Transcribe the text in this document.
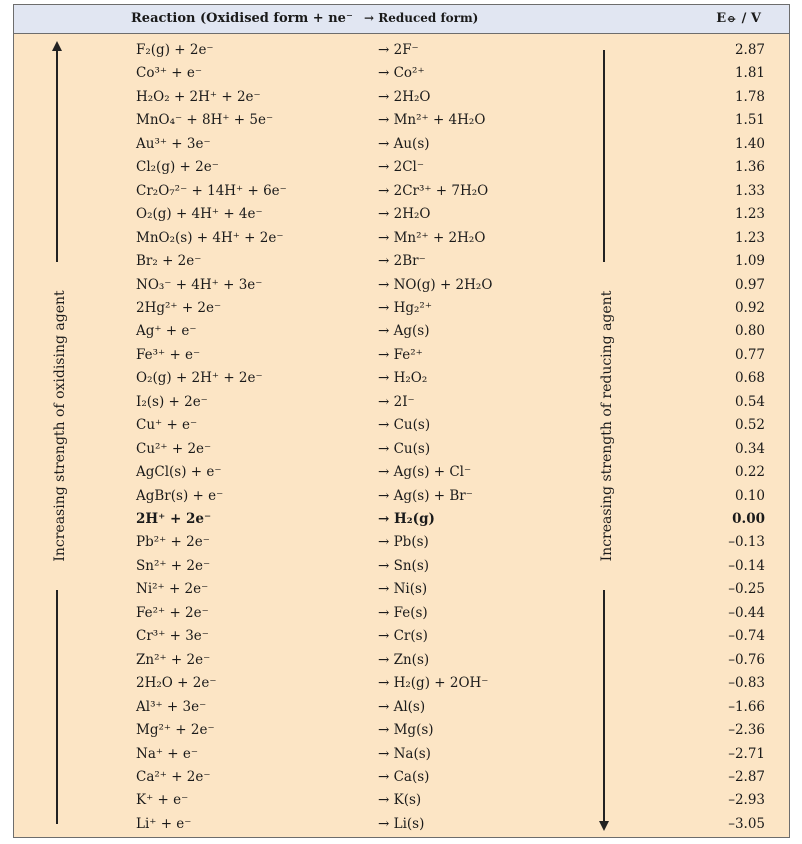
Reaction (Oxidised form + ne⁻ → Reduced form)	E⦵ / V
Increasing strength of oxidising agent	Increasing strength of reducing agent
F₂(g) + 2e⁻	→ 2F⁻	2.87
Co³⁺ + e⁻	→ Co²⁺	1.81
H₂O₂ + 2H⁺ + 2e⁻	→ 2H₂O	1.78
MnO₄⁻ + 8H⁺ + 5e⁻	→ Mn²⁺ + 4H₂O	1.51
Au³⁺ + 3e⁻	→ Au(s)	1.40
Cl₂(g) + 2e⁻	→ 2Cl⁻	1.36
Cr₂O₇²⁻ + 14H⁺ + 6e⁻	→ 2Cr³⁺ + 7H₂O	1.33
O₂(g) + 4H⁺ + 4e⁻	→ 2H₂O	1.23
MnO₂(s) + 4H⁺ + 2e⁻	→ Mn²⁺ + 2H₂O	1.23
Br₂ + 2e⁻	→ 2Br⁻	1.09
NO₃⁻ + 4H⁺ + 3e⁻	→ NO(g) + 2H₂O	0.97
2Hg²⁺ + 2e⁻	→ Hg₂²⁺	0.92
Ag⁺ + e⁻	→ Ag(s)	0.80
Fe³⁺ + e⁻	→ Fe²⁺	0.77
O₂(g) + 2H⁺ + 2e⁻	→ H₂O₂	0.68
I₂(s) + 2e⁻	→ 2I⁻	0.54
Cu⁺ + e⁻	→ Cu(s)	0.52
Cu²⁺ + 2e⁻	→ Cu(s)	0.34
AgCl(s) + e⁻	→ Ag(s) + Cl⁻	0.22
AgBr(s) + e⁻	→ Ag(s) + Br⁻	0.10
2H⁺ + 2e⁻	→ H₂(g)	0.00
Pb²⁺ + 2e⁻	→ Pb(s)	–0.13
Sn²⁺ + 2e⁻	→ Sn(s)	–0.14
Ni²⁺ + 2e⁻	→ Ni(s)	–0.25
Fe²⁺ + 2e⁻	→ Fe(s)	–0.44
Cr³⁺ + 3e⁻	→ Cr(s)	–0.74
Zn²⁺ + 2e⁻	→ Zn(s)	–0.76
2H₂O + 2e⁻	→ H₂(g) + 2OH⁻	–0.83
Al³⁺ + 3e⁻	→ Al(s)	–1.66
Mg²⁺ + 2e⁻	→ Mg(s)	–2.36
Na⁺ + e⁻	→ Na(s)	–2.71
Ca²⁺ + 2e⁻	→ Ca(s)	–2.87
K⁺ + e⁻	→ K(s)	–2.93
Li⁺ + e⁻	→ Li(s)	–3.05
